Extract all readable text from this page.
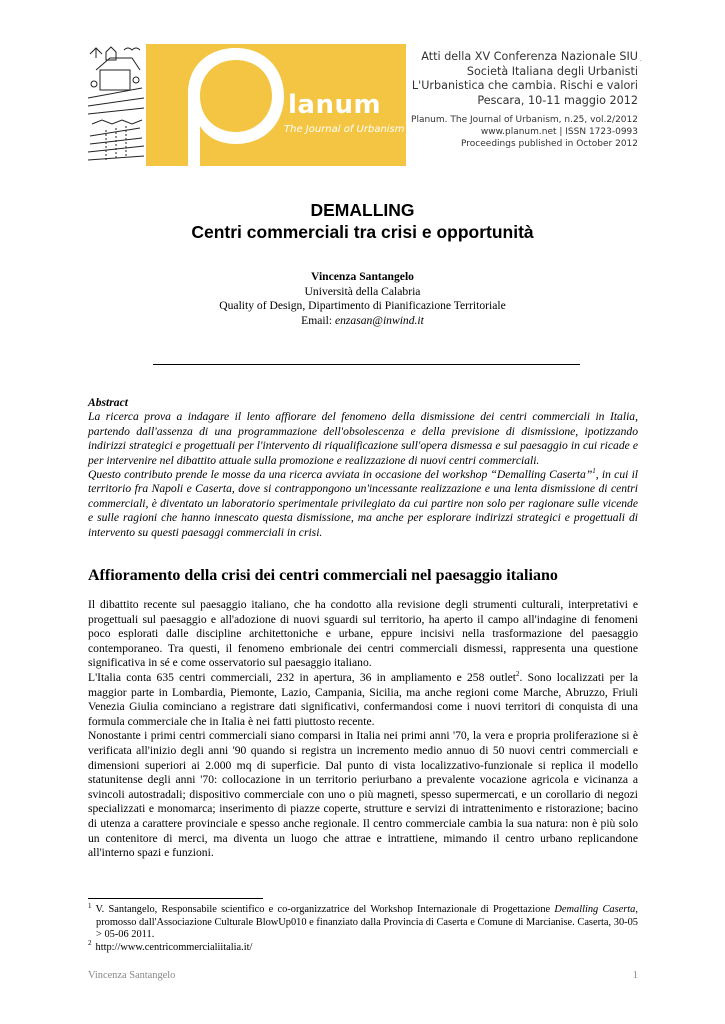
lanum
The Journal of Urbanism
.
Atti della XV Conferenza Nazionale SIU
Società Italiana degli Urbanisti
L'Urbanistica che cambia. Rischi e valori
Pescara, 10-11 maggio 2012
Planum. The Journal of Urbanism, n.25, vol.2/2012
www.planum.net | ISSN 1723-0993
Proceedings published in October 2012
DEMALLING
Centri commerciali tra crisi e opportunità
Vincenza Santangelo
Università della Calabria
Quality of Design, Dipartimento di Pianificazione Territoriale
Email: enzasan@inwind.it

Abstract

La ricerca prova a indagare il lento affiorare del fenomeno della dismissione dei centri commerciali in Italia, partendo dall'assenza di una programmazione dell'obsolescenza e della previsione di dismissione, ipotizzando indirizzi strategici e progettuali per l'intervento di riqualificazione sull'opera dismessa e sul paesaggio in cui ricade e per intervenire nel dibattito attuale sulla promozione e realizzazione di nuovi centri commerciali.

Questo contributo prende le mosse da una ricerca avviata in occasione del workshop “Demalling Caserta”$^1$, in cui il territorio fra Napoli e Caserta, dove si contrappongono un'incessante realizzazione e una lenta dismissione di centri commerciali, è diventato un laboratorio sperimentale privilegiato da cui partire non solo per ragionare sulle vicende e sulle ragioni che hanno innescato questa dismissione, ma anche per esplorare indirizzi strategici e progettuali di intervento su questi paesaggi commerciali in crisi.

Affioramento della crisi dei centri commerciali nel paesaggio italiano

Il dibattito recente sul paesaggio italiano, che ha condotto alla revisione degli strumenti culturali, interpretativi e progettuali sul paesaggio e all'adozione di nuovi sguardi sul territorio, ha aperto il campo all'indagine di fenomeni poco esplorati dalle discipline architettoniche e urbane, eppure incisivi nella trasformazione del paesaggio contemporaneo. Tra questi, il fenomeno embrionale dei centri commerciali dismessi, rappresenta una questione significativa in sé e come osservatorio sul paesaggio italiano.

L'Italia conta 635 centri commerciali, 232 in apertura, 36 in ampliamento e 258 outlet$^2$. Sono localizzati per la maggior parte in Lombardia, Piemonte, Lazio, Campania, Sicilia, ma anche regioni come Marche, Abruzzo, Friuli Venezia Giulia cominciano a registrare dati significativi, confermandosi come i nuovi territori di conquista di una formula commerciale che in Italia è nei fatti piuttosto recente.

Nonostante i primi centri commerciali siano comparsi in Italia nei primi anni '70, la vera e propria proliferazione si è verificata all'inizio degli anni '90 quando si registra un incremento medio annuo di 50 nuovi centri commerciali e dimensioni superiori ai 2.000 mq di superficie. Dal punto di vista localizzativo-funzionale si replica il modello statunitense degli anni '70: collocazione in un territorio periurbano a prevalente vocazione agricola e vicinanza a svincoli autostradali; dispositivo commerciale con uno o più magneti, spesso supermercati, e un corollario di negozi specializzati e monomarca; inserimento di piazze coperte, strutture e servizi di intrattenimento e ristorazione; bacino di utenza a carattere provinciale e spesso anche regionale. Il centro commerciale cambia la sua natura: non è più solo un contenitore di merci, ma diventa un luogo che attrae e intrattiene, mimando il centro urbano replicandone all'interno spazi e funzioni.

$^1$ V. Santangelo, Responsabile scientifico e co-organizzatrice del Workshop Internazionale di Progettazione Demalling Caserta, promosso dall'Associazione Culturale BlowUp010 e finanziato dalla Provincia di Caserta e Comune di Marcianise. Caserta, 30-05 > 05-06 2011.

$^2$ http://www.centricommercialiitalia.it/

Vincenza Santangelo	1
